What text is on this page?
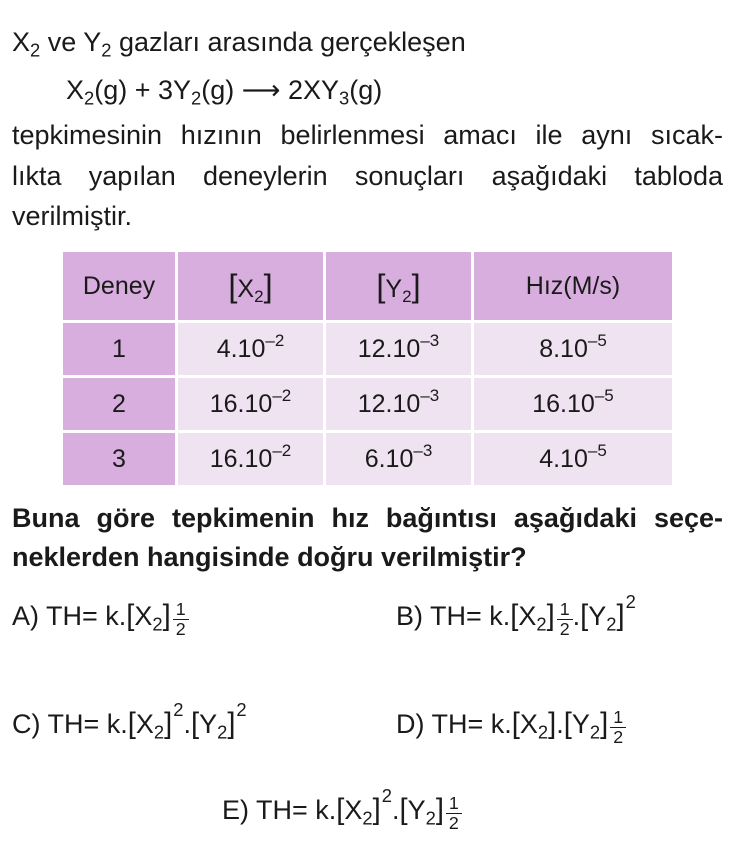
$X_2$ ve $Y_2$ gazları arasında gerçekleşen
$X_2(g) + 3Y_2(g)$ ⟶ $2XY_3(g)$
tepkimesinin hızının belirlenmesi amacı ile aynı sıcak-
lıkta yapılan deneylerin sonuçları aşağıdaki tabloda
verilmiştir.
Deney	$[X_2]$	$[Y_2]$	Hız(M/s)
1	$4.10^{-2}$	$12.10^{-3}$	$8.10^{-5}$
2	$16.10^{-2}$	$12.10^{-3}$	$16.10^{-5}$
3	$16.10^{-2}$	$6.10^{-3}$	$4.10^{-5}$
Buna göre tepkimenin hız bağıntısı aşağıdaki seçe-
neklerden hangisinde doğru verilmiştir?
A) $TH= k.[X_2] \frac{1}{2}$	B) $TH= k.[X_2] \frac{1}{2} .[Y_2]^2$
C) $TH= k.[X_2]^2.[Y_2]^2$	D) $TH= k.[X_2].[Y_2] \frac{1}{2}$
E) $TH= k.[X_2]^2.[Y_2] \frac{1}{2}$
